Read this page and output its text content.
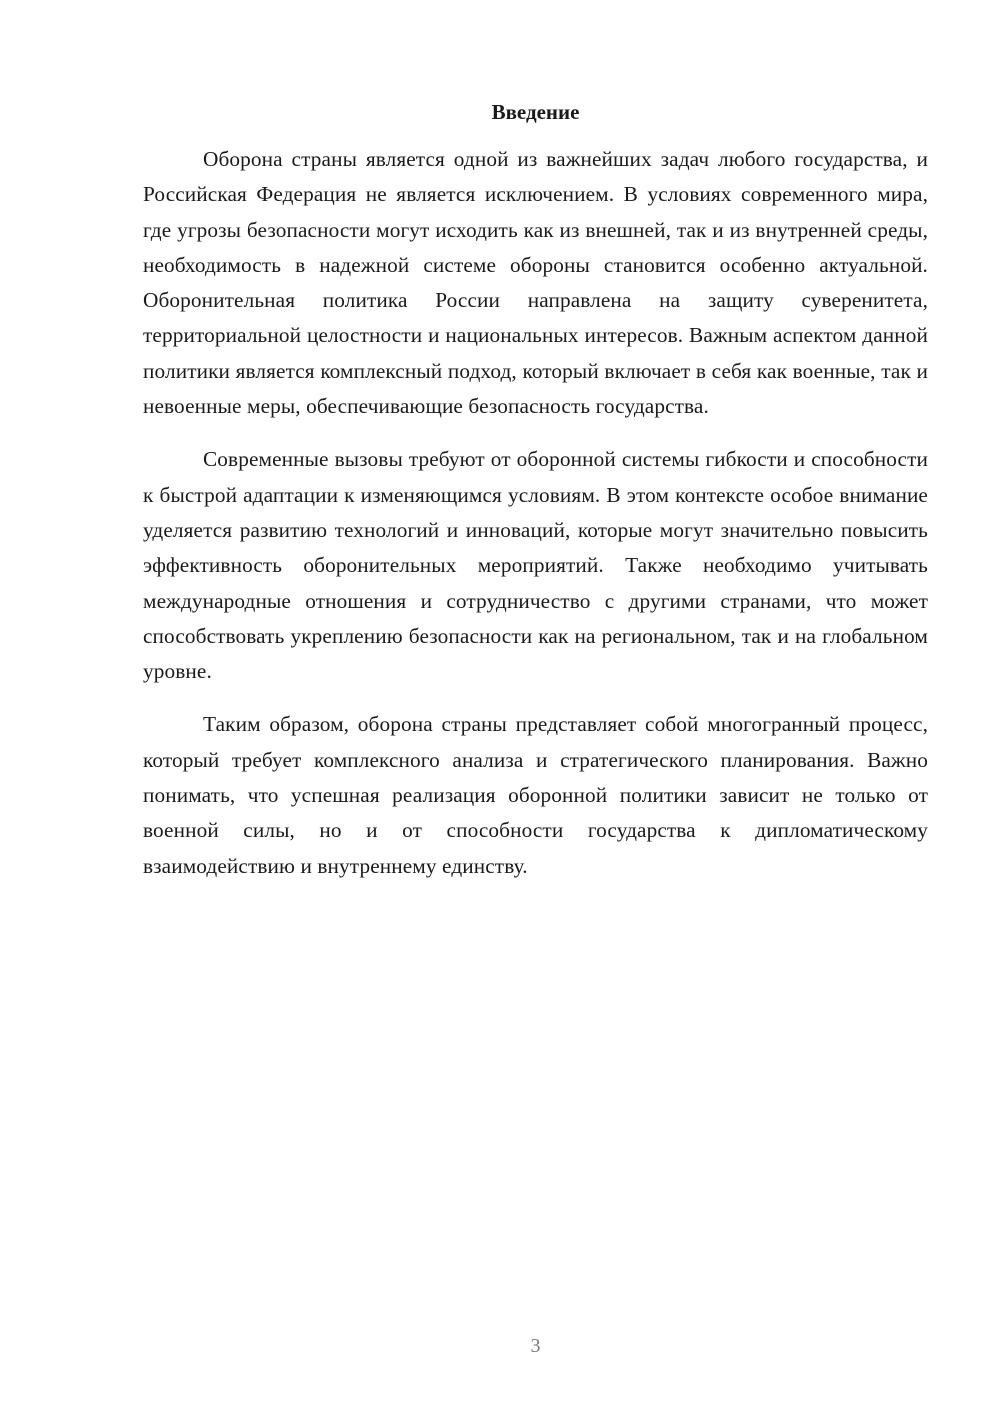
Введение

Оборона страны является одной из важнейших задач любого государства, и Российская Федерация не является исключением. В условиях современного мира, где угрозы безопасности могут исходить как из внешней, так и из внутренней среды, необходимость в надежной системе обороны становится особенно актуальной. Оборонительная политика России направлена на защиту суверенитета, территориальной целостности и национальных интересов. Важным аспектом данной политики является комплексный подход, который включает в себя как военные, так и невоенные меры, обеспечивающие безопасность государства.

Современные вызовы требуют от оборонной системы гибкости и способности к быстрой адаптации к изменяющимся условиям. В этом контексте особое внимание уделяется развитию технологий и инноваций, которые могут значительно повысить эффективность оборонительных мероприятий. Также необходимо учитывать международные отношения и сотрудничество с другими странами, что может способствовать укреплению безопасности как на региональном, так и на глобальном уровне.

Таким образом, оборона страны представляет собой многогранный процесс, который требует комплексного анализа и стратегического планирования. Важно понимать, что успешная реализация оборонной политики зависит не только от военной силы, но и от способности государства к дипломатическому взаимодействию и внутреннему единству.

3
